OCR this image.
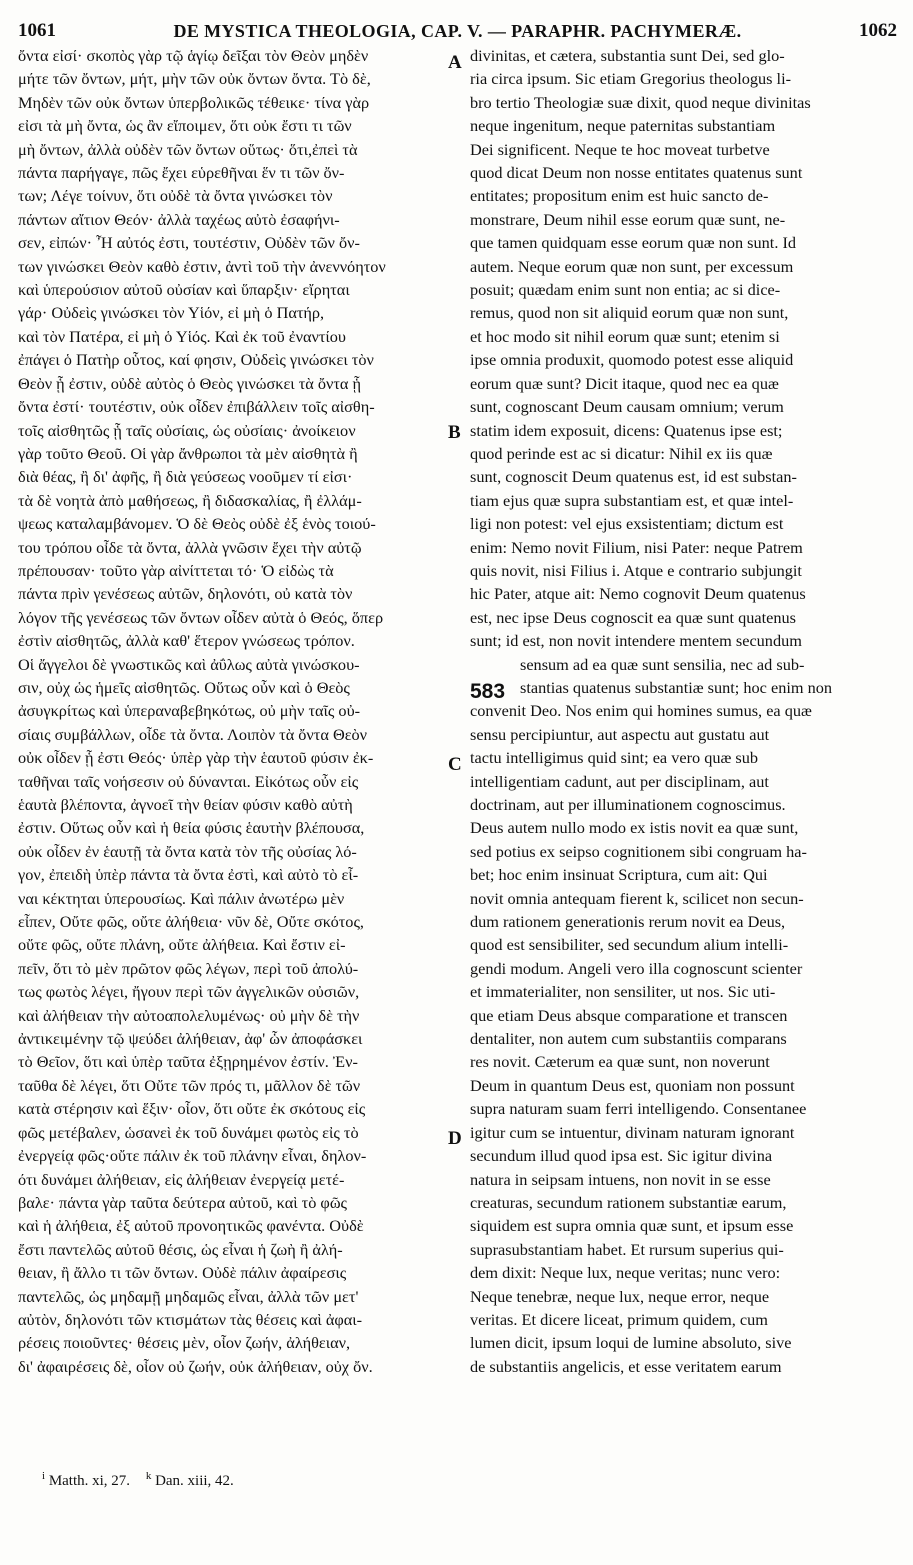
1061	DE MYSTICA THEOLOGIA, CAP. V. — PARAPHR. PACHYMERÆ.	1062
ὄντα εἰσί· σκοπὸς γὰρ τῷ ἁγίῳ δεῖξαι τὸν Θεὸν μηδὲν
μήτε τῶν ὄντων, μήτ, μὴν τῶν οὐκ ὄντων ὄντα. Τὸ δὲ,
Μηδὲν τῶν οὐκ ὄντων ὑπερβολικῶς τέθεικε· τίνα γὰρ
εἰσι τὰ μὴ ὄντα, ὡς ἂν εἴποιμεν, ὅτι οὐκ ἔστι τι τῶν
μὴ ὄντων, ἀλλὰ οὐδὲν τῶν ὄντων οὕτως· ὅτι,ἐπεὶ τὰ
πάντα παρήγαγε, πῶς ἔχει εὑρεθῆναι ἕν τι τῶν ὄν-
των; Λέγε τοίνυν, ὅτι οὐδὲ τὰ ὄντα γινώσκει τὸν
πάντων αἴτιον Θεόν· ἀλλὰ ταχέως αὐτὸ ἐσαφήνι-
σεν, εἰπών· Ἦ αὐτός ἐστι, τουτέστιν, Οὐδὲν τῶν ὄν-
των γινώσκει Θεὸν καθὸ ἐστιν, ἀντὶ τοῦ τὴν ἀνεννόητον
καὶ ὑπερούσιον αὐτοῦ οὐσίαν καὶ ὕπαρξιν· εἴρηται
γάρ· Οὐδεὶς γινώσκει τὸν Υἱόν, εἰ μὴ ὁ Πατήρ,
καὶ τὸν Πατέρα, εἰ μὴ ὁ Υἱός. Καὶ ἐκ τοῦ ἐναντίου
ἐπάγει ὁ Πατὴρ οὗτος, καί φησιν, Οὐδεὶς γινώσκει τὸν
Θεὸν ᾗ ἐστιν, οὐδὲ αὐτὸς ὁ Θεὸς γινώσκει τὰ ὄντα ᾗ
ὄντα ἐστί· τουτέστιν, οὐκ οἶδεν ἐπιβάλλειν τοῖς αἰσθη-
τοῖς αἰσθητῶς ᾗ ταῖς οὐσίαις, ὡς οὐσίαις· ἀνοίκειον
γὰρ τοῦτο Θεοῦ. Οἱ γὰρ ἄνθρωποι τὰ μὲν αἰσθητὰ ἢ
διὰ θέας, ἢ δι' ἀφῆς, ἢ διὰ γεύσεως νοοῦμεν τί εἰσι·
τὰ δὲ νοητὰ ἀπὸ μαθήσεως, ἢ διδασκαλίας, ἢ ἐλλάμ-
ψεως καταλαμβάνομεν. Ὁ δὲ Θεὸς οὐδὲ ἐξ ἑνὸς τοιού-
του τρόπου οἶδε τὰ ὄντα, ἀλλὰ γνῶσιν ἔχει τὴν αὐτῷ
πρέπουσαν· τοῦτο γὰρ αἰνίττεται τό· Ὁ εἰδὼς τὰ
πάντα πρὶν γενέσεως αὐτῶν, δηλονότι, οὐ κατὰ τὸν
λόγον τῆς γενέσεως τῶν ὄντων οἶδεν αὐτὰ ὁ Θεός, ὅπερ
ἐστὶν αἰσθητῶς, ἀλλὰ καθ' ἕτερον γνώσεως τρόπον.
Οἱ ἄγγελοι δὲ γνωστικῶς καὶ ἀΰλως αὐτὰ γινώσκου-
σιν, οὐχ ὡς ἡμεῖς αἰσθητῶς. Οὕτως οὖν καὶ ὁ Θεὸς
ἀσυγκρίτως καὶ ὑπεραναβεβηκότως, οὐ μὴν ταῖς οὐ-
σίαις συμβάλλων, οἶδε τὰ ὄντα. Λοιπὸν τὰ ὄντα Θεὸν
οὐκ οἶδεν ᾗ ἐστι Θεός· ὑπὲρ γὰρ τὴν ἑαυτοῦ φύσιν ἐκ-
ταθῆναι ταῖς νοήσεσιν οὐ δύνανται. Εἰκότως οὖν εἰς
ἑαυτὰ βλέποντα, ἀγνοεῖ τὴν θείαν φύσιν καθὸ αὐτὴ
ἐστιν. Οὕτως οὖν καὶ ἡ θεία φύσις ἑαυτὴν βλέπουσα,
οὐκ οἶδεν ἐν ἑαυτῇ τὰ ὄντα κατὰ τὸν τῆς οὐσίας λό-
γον, ἐπειδὴ ὑπὲρ πάντα τὰ ὄντα ἐστὶ, καὶ αὐτὸ τὸ εἶ-
ναι κέκτηται ὑπερουσίως. Καὶ πάλιν ἀνωτέρω μὲν
εἶπεν, Οὔτε φῶς, οὔτε ἀλήθεια· νῦν δὲ, Οὔτε σκότος,
οὔτε φῶς, οὔτε πλάνη, οὔτε ἀλήθεια. Καὶ ἔστιν εἰ-
πεῖν, ὅτι τὸ μὲν πρῶτον φῶς λέγων, περὶ τοῦ ἀπολύ-
τως φωτὸς λέγει, ἤγουν περὶ τῶν ἀγγελικῶν οὐσιῶν,
καὶ ἀλήθειαν τὴν αὐτοαπολελυμένως· οὐ μὴν δὲ τὴν
ἀντικειμένην τῷ ψεύδει ἀλήθειαν, ἀφ' ὧν ἀποφάσκει
τὸ Θεῖον, ὅτι καὶ ὑπὲρ ταῦτα ἐξῃρημένον ἐστίν. Ἐν-
ταῦθα δὲ λέγει, ὅτι Οὔτε τῶν πρός τι, μᾶλλον δὲ τῶν
κατὰ στέρησιν καὶ ἕξιν· οἷον, ὅτι οὔτε ἐκ σκότους εἰς
φῶς μετέβαλεν, ὡσανεὶ ἐκ τοῦ δυνάμει φωτὸς εἰς τὸ
ἐνεργείᾳ φῶς·οὔτε πάλιν ἐκ τοῦ πλάνην εἶναι, δηλον-
ότι δυνάμει ἀλήθειαν, εἰς ἀλήθειαν ἐνεργείᾳ μετέ-
βαλε· πάντα γὰρ ταῦτα δεύτερα αὐτοῦ, καὶ τὸ φῶς
καὶ ἡ ἀλήθεια, ἐξ αὐτοῦ προνοητικῶς φανέντα. Οὐδὲ
ἔστι παντελῶς αὐτοῦ θέσις, ὡς εἶναι ἡ ζωὴ ἢ ἀλή-
θειαν, ἢ ἄλλο τι τῶν ὄντων. Οὐδὲ πάλιν ἀφαίρεσις
παντελῶς, ὡς μηδαμῇ μηδαμῶς εἶναι, ἀλλὰ τῶν μετ'
αὐτὸν, δηλονότι τῶν κτισμάτων τὰς θέσεις καὶ ἀφαι-
ρέσεις ποιοῦντες· θέσεις μὲν, οἷον ζωήν, ἀλήθειαν,
δι' ἀφαιρέσεις δὲ, οἷον οὐ ζωήν, οὐκ ἀλήθειαν, οὐχ ὄν.
A
B
C
D
divinitas, et cætera, substantia sunt Dei, sed glo-
ria circa ipsum. Sic etiam Gregorius theologus li-
bro tertio Theologiæ suæ dixit, quod neque divinitas
neque ingenitum, neque paternitas substantiam
Dei significent. Neque te hoc moveat turbetve
quod dicat Deum non nosse entitates quatenus sunt
entitates; propositum enim est huic sancto de-
monstrare, Deum nihil esse eorum quæ sunt, ne-
que tamen quidquam esse eorum quæ non sunt. Id
autem. Neque eorum quæ non sunt, per excessum
posuit; quædam enim sunt non entia; ac si dice-
remus, quod non sit aliquid eorum quæ non sunt,
et hoc modo sit nihil eorum quæ sunt; etenim si
ipse omnia produxit, quomodo potest esse aliquid
eorum quæ sunt? Dicit itaque, quod nec ea quæ
sunt, cognoscant Deum causam omnium; verum
statim idem exposuit, dicens: Quatenus ipse est;
quod perinde est ac si dicatur: Nihil ex iis quæ
sunt, cognoscit Deum quatenus est, id est substan-
tiam ejus quæ supra substantiam est, et quæ intel-
ligi non potest: vel ejus exsistentiam; dictum est
enim: Nemo novit Filium, nisi Pater: neque Patrem
quis novit, nisi Filius i. Atque e contrario subjungit
hic Pater, atque ait: Nemo cognovit Deum quatenus
est, nec ipse Deus cognoscit ea quæ sunt quatenus
sunt; id est, non novit intendere mentem secundum
sensum ad ea quæ sunt sensilia, nec ad sub-
stantias quatenus substantiæ sunt; hoc enim non
convenit Deo. Nos enim qui homines sumus, ea quæ
sensu percipiuntur, aut aspectu aut gustatu aut
tactu intelligimus quid sint; ea vero quæ sub
intelligentiam cadunt, aut per disciplinam, aut
doctrinam, aut per illuminationem cognoscimus.
Deus autem nullo modo ex istis novit ea quæ sunt,
sed potius ex seipso cognitionem sibi congruam ha-
bet; hoc enim insinuat Scriptura, cum ait: Qui
novit omnia antequam fierent k, scilicet non secun-
dum rationem generationis rerum novit ea Deus,
quod est sensibiliter, sed secundum alium intelli-
gendi modum. Angeli vero illa cognoscunt scienter
et immaterialiter, non sensiliter, ut nos. Sic uti-
que etiam Deus absque comparatione et transcen
dentaliter, non autem cum substantiis comparans
res novit. Cæterum ea quæ sunt, non noverunt
Deum in quantum Deus est, quoniam non possunt
supra naturam suam ferri intelligendo. Consentanee
igitur cum se intuentur, divinam naturam ignorant
secundum illud quod ipsa est. Sic igitur divina
natura in seipsam intuens, non novit in se esse
creaturas, secundum rationem substantiæ earum,
siquidem est supra omnia quæ sunt, et ipsum esse
suprasubstantiam habet. Et rursum superius qui-
dem dixit: Neque lux, neque veritas; nunc vero:
Neque tenebræ, neque lux, neque error, neque
veritas. Et dicere liceat, primum quidem, cum
lumen dicit, ipsum loqui de lumine absoluto, sive
de substantiis angelicis, et esse veritatem earum
583
$^i$ Matth. xi, 27. $^k$ Dan. xiii, 42.
